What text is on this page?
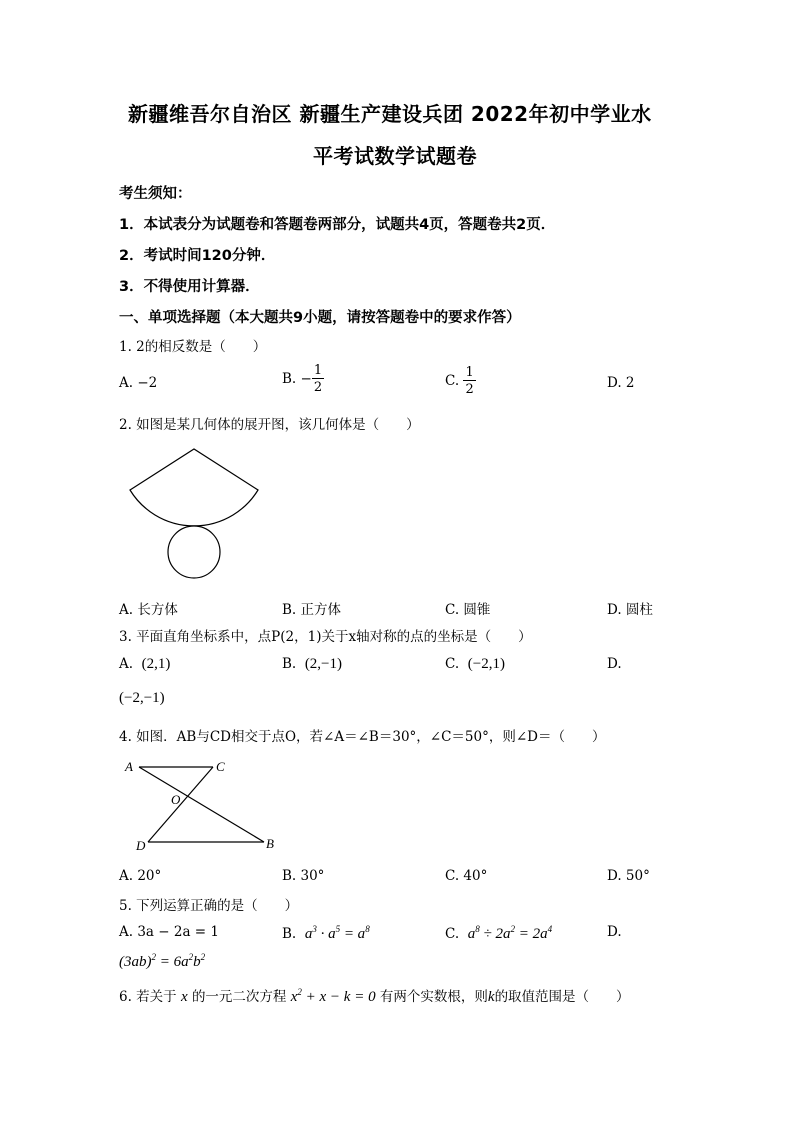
新疆维吾尔自治区 新疆生产建设兵团 2022年初中学业水
平考试数学试题卷
考生须知：
1．本试表分为试题卷和答题卷两部分，试题共4页，答题卷共2页．
2．考试时间120分钟．
3．不得使用计算器．
一、单项选择题（本大题共9小题，请按答题卷中的要求作答）
1. 2的相反数是（　　）
A. −2	B. − $\frac{1}{2}$	C. $\frac{1}{2}$	D. 2
2. 如图是某几何体的展开图，该几何体是（　　）
A. 长方体	B. 正方体	C. 圆锥	D. 圆柱
3. 平面直角坐标系中，点P(2，1)关于x轴对称的点的坐标是（　　）
A. (2,1)	B. (2,−1)	C. (−2,1)	D.
(−2,−1)
4. 如图．AB与CD相交于点O，若∠A＝∠B＝30°，∠C＝50°，则∠D＝（　　）
A	C
O
D	B
A. 20°	B. 30°	C. 40°	D. 50°
5. 下列运算正确的是（　　）
A. 3a − 2a = 1	B. $a^3 \cdot a^5 = a^8$	C. $a^8 \div 2a^2 = 2a^4$	D.
$(3ab)^2 = 6a^2b^2$
6. 若关于 x 的一元二次方程 $x^2 + x - k = 0$ 有两个实数根，则k的取值范围是（　　）
